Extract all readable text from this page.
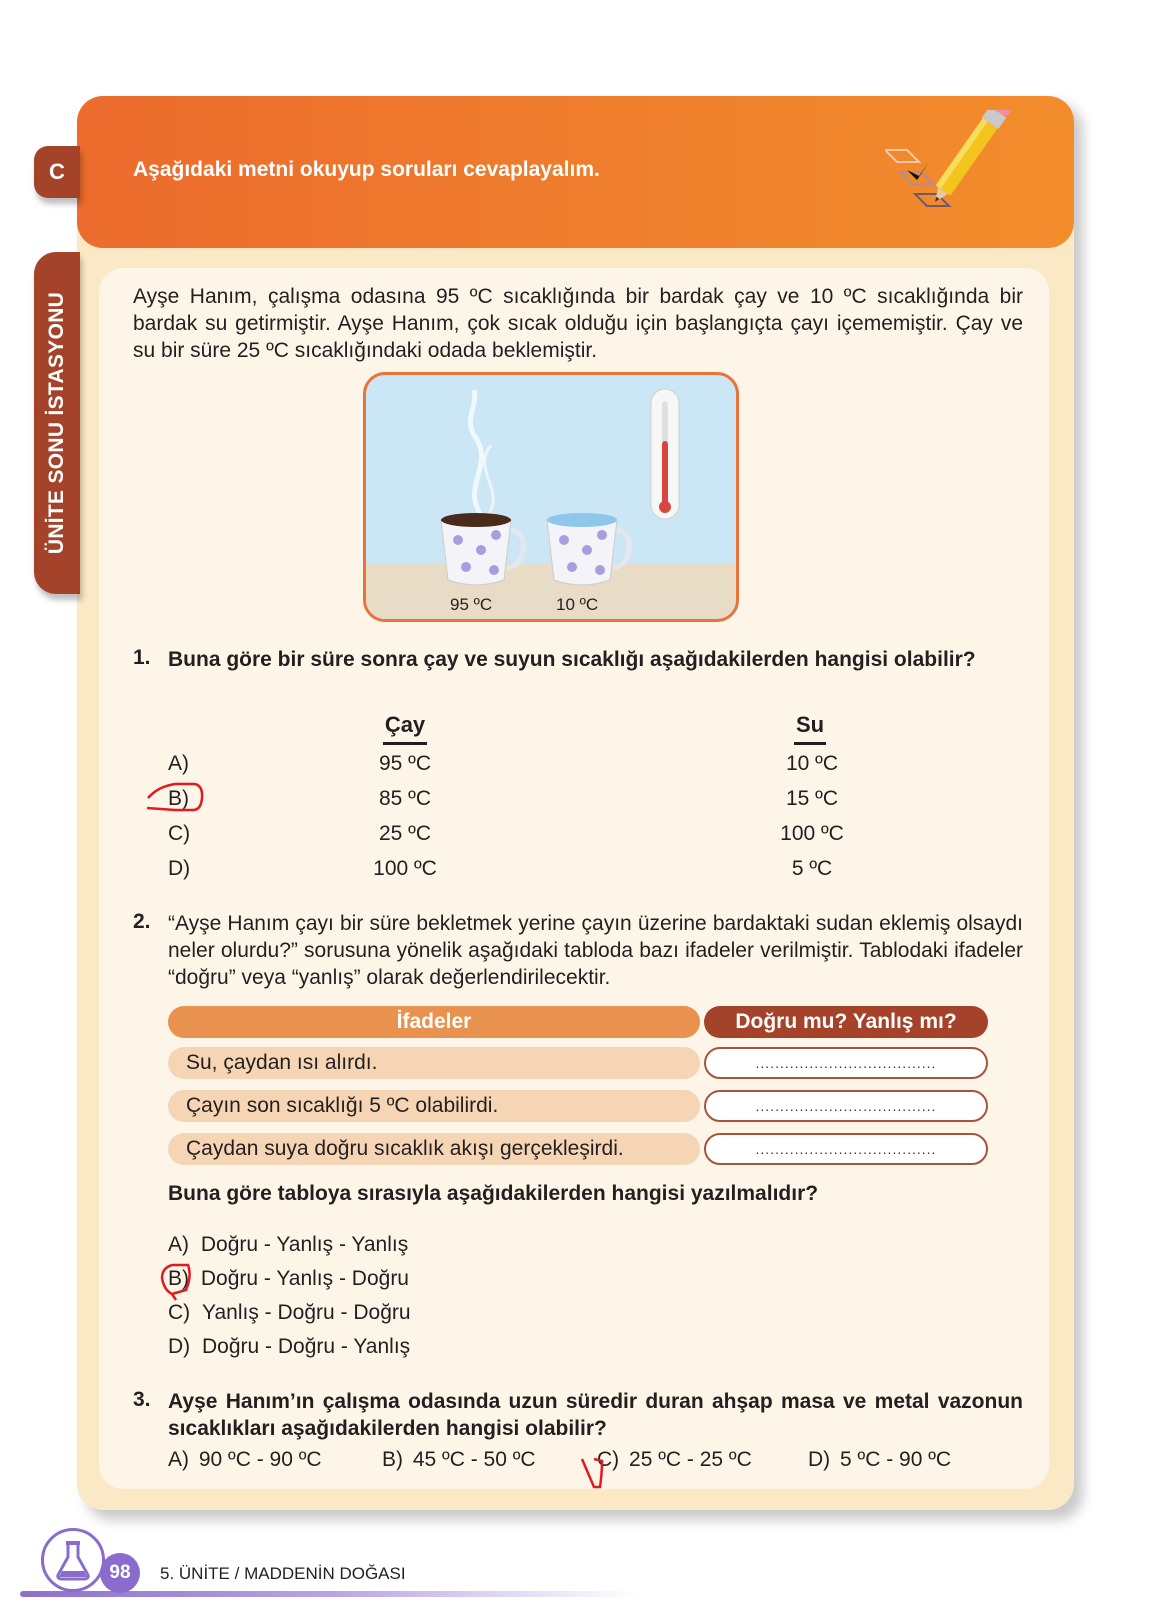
C	Aşağıdaki metni okuyup soruları cevaplayalım.
ÜNİTE SONU İSTASYONU	Ayşe Hanım, çalışma odasına 95 ºC sıcaklığında bir bardak çay ve 10 ºC sıcaklığında bir bardak su getirmiştir. Ayşe Hanım, çok sıcak olduğu için başlangıçta çayı içememiştir. Çay ve su bir süre 25 ºC sıcaklığındaki odada beklemiştir.

95 ºC	10 ºC
1. Buna göre bir süre sonra çay ve suyun sıcaklığı aşağıdakilerden hangisi olabilir?

Çay	Su
A)	95 ºC	10 ºC
B)	85 ºC	15 ºC
C)	25 ºC	100 ºC
D)	100 ºC	5 ºC
2. “Ayşe Hanım çayı bir süre bekletmek yerine çayın üzerine bardaktaki sudan eklemiş olsaydı neler olurdu?” sorusuna yönelik aşağıdaki tabloda bazı ifadeler verilmiştir. Tablodaki ifadeler “doğru” veya “yanlış” olarak değerlendirilecektir.

İfadeler	Doğru mu? Yanlış mı?
Su, çaydan ısı alırdı.	.....................................
Çayın son sıcaklığı 5 ºC olabilirdi.	.....................................
Çaydan suya doğru sıcaklık akışı gerçekleşirdi.	.....................................

Buna göre tabloya sırasıyla aşağıdakilerden hangisi yazılmalıdır?

A) Doğru - Yanlış - Yanlış
B) Doğru - Yanlış - Doğru
C) Yanlış - Doğru - Doğru
D) Doğru - Doğru - Yanlış
3. Ayşe Hanım’ın çalışma odasında uzun süredir duran ahşap masa ve metal vazonun sıcaklıkları aşağıdakilerden hangisi olabilir?

A) 90 ºC - 90 ºC	B) 45 ºC - 50 ºC	C) 25 ºC - 25 ºC	D) 5 ºC - 90 ºC
98	5. ÜNİTE / MADDENİN DOĞASI
